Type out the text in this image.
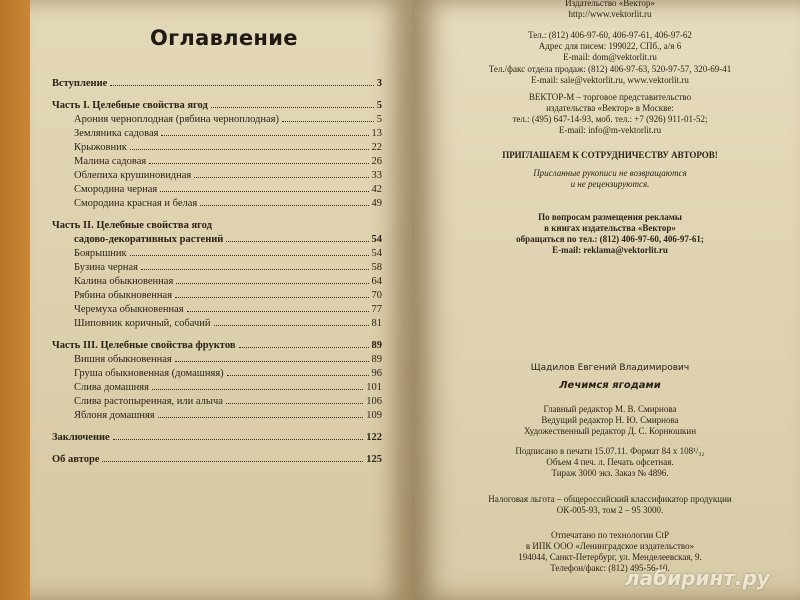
Оглавление
Вступление	3
Часть I. Целебные свойства ягод	5
Арония черноплодная (рябина черноплодная)	5
Земляника садовая	13
Крыжовник	22
Малина садовая	26
Облепиха крушиновидная	33
Смородина черная	42
Смородина красная и белая	49
Часть II. Целебные свойства ягод
садово-декоративных растений	54
Боярышник	54
Бузина черная	58
Калина обыкновенная	64
Рябина обыкновенная	70
Черемуха обыкновенная	77
Шиповник коричный, собачий	81
Часть III. Целебные свойства фруктов	89
Вишня обыкновенная	89
Груша обыкновенная (домашняя)	96
Слива домашняя	101
Слива растопыренная, или алыча	106
Яблоня домашняя	109
Заключение	122
Об авторе	125
Издательство «Вектор»
http://www.vektorlit.ru
Тел.: (812) 406-97-60, 406-97-61, 406-97-62
Адрес для писем: 199022, СПб., а/я 6
E-mail: dom@vektorlit.ru
Тел./факс отдела продаж: (812) 406-97-63, 520-97-57, 320-69-41
E-mail: sale@vektorlit.ru, www.vektorlit.ru
ВЕКТОР-М – торговое представительство
издательства «Вектор» в Москве:
тел.: (495) 647-14-93, моб. тел.: +7 (926) 911-01-52;
E-mail: info@m-vektorlit.ru
ПРИГЛАШАЕМ К СОТРУДНИЧЕСТВУ АВТОРОВ!
Присланные рукописи не возвращаются
и не рецензируются.
По вопросам размещения рекламы
в книгах издательства «Вектор»
обращаться по тел.: (812) 406-97-60, 406-97-61;
E-mail: reklama@vektorlit.ru
Щадилов Евгений Владимирович
Лечимся ягодами
Главный редактор М. В. Смирнова
Ведущий редактор Н. Ю. Смирнова
Художественный редактор Д. С. Корнюшкин
Подписано в печати 15.07.11. Формат 84 x 108¹/₃₂
Объем 4 печ. л. Печать офсетная.
Тираж 3000 экз. Заказ № 4896.
Налоговая льгота – общероссийский классификатор продукции
ОК-005-93, том 2 – 95 3000.
Отпечатано по технологии CtP
в ИПК ООО «Ленинградское издательство»
194044, Санкт-Петербург, ул. Менделеевская, 9.
Телефон/факс: (812) 495-56-10.
лабиринт.ру
